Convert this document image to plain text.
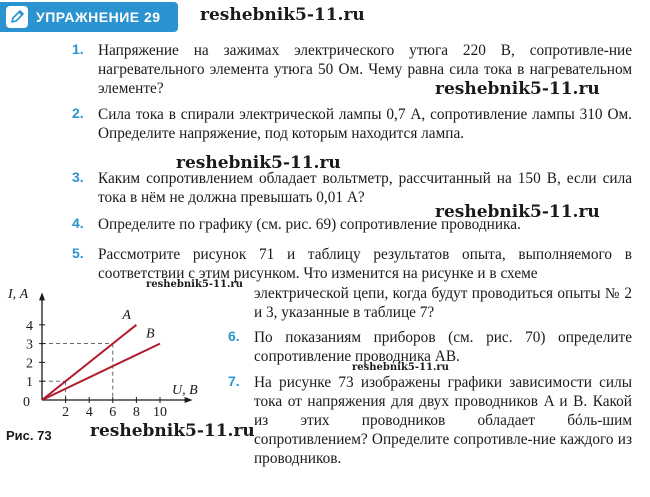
УПРАЖНЕНИЕ 29 reshebnik5-11.ru
reshebnik5-11.ru
reshebnik5-11.ru
reshebnik5-11.ru
reshebnik5-11.ru
reshebnik5-11.ru
reshebnik5-11.ru
1. Напряжение на зажимах электрического утюга 220 В, сопротивле-ние нагревательного элемента утюга 50 Ом. Чему равна сила тока в нагревательном элементе?
2. Сила тока в спирали электрической лампы 0,7 А, сопротивление лампы 310 Ом. Определите напряжение, под которым находится лампа.
3. Каким сопротивлением обладает вольтметр, рассчитанный на 150 В, если сила тока в нём не должна превышать 0,01 А?
4. Определите по графику (см. рис. 69) сопротивление проводника.
5. Рассмотрите рисунок 71 и таблицу результатов опыта, выполняемого в соответствии с этим рисунком. Что изменится на рисунке и в схеме
электрической цепи, когда будут проводиться опыты № 2 и 3, указанные в таблице 7?
6. По показаниям приборов (см. рис. 70) определите сопротивление проводника AB.
7. На рисунке 73 изображены графики зависимости силы тока от напряжения для двух проводников A и B. Какой из этих проводников обладает бóль-шим сопротивлением? Определите сопротивле-ние каждого из проводников.
2 4 6 8 10
1
2
3
4
0
I, А
U, В
A
B
Рис. 73
